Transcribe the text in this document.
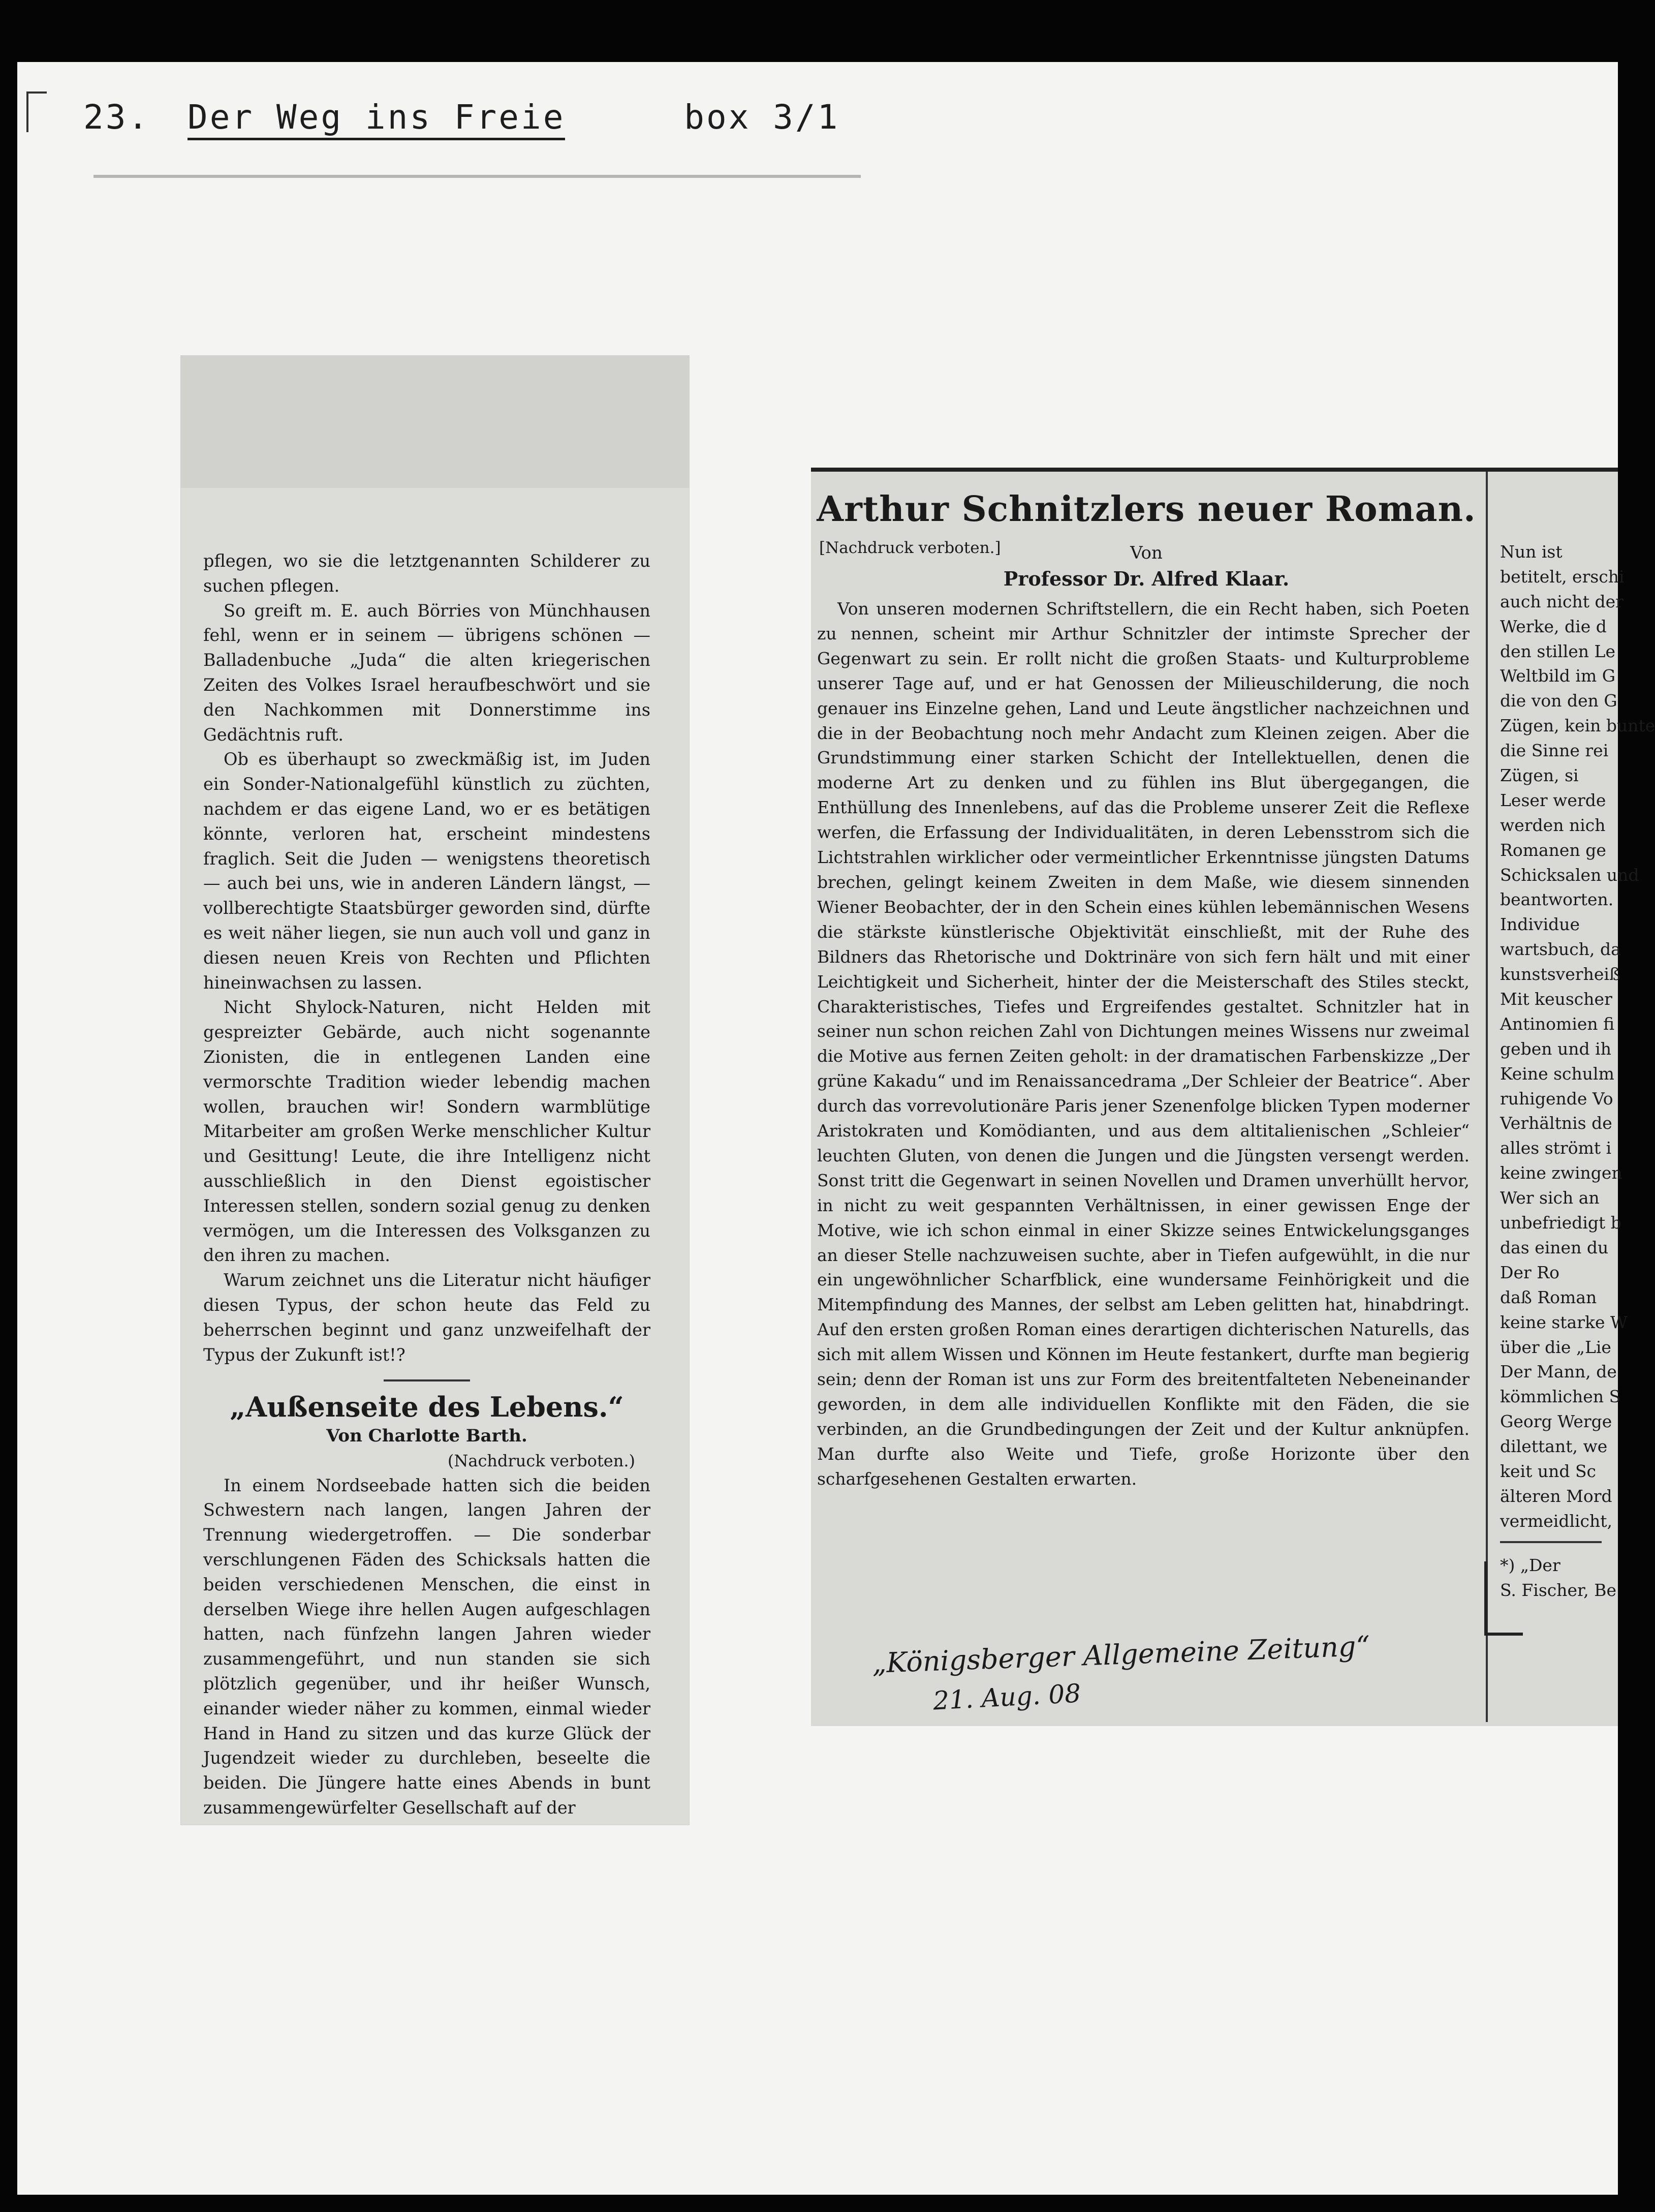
23. Der Weg ins Freie	box 3/1

pflegen, wo sie die letztgenannten Schilderer zu suchen pflegen.

So greift m. E. auch Börries von Münchhausen fehl, wenn er in seinem — übrigens schönen — Balladenbuche „Juda“ die alten kriegerischen Zeiten des Volkes Israel heraufbeschwört und sie den Nachkommen mit Donnerstimme ins Gedächtnis ruft.

Ob es überhaupt so zweckmäßig ist, im Juden ein Sonder-Nationalgefühl künstlich zu züchten, nachdem er das eigene Land, wo er es betätigen könnte, verloren hat, erscheint mindestens fraglich. Seit die Juden — wenigstens theoretisch — auch bei uns, wie in anderen Ländern längst, — vollberechtigte Staatsbürger geworden sind, dürfte es weit näher liegen, sie nun auch voll und ganz in diesen neuen Kreis von Rechten und Pflichten hineinwachsen zu lassen.

Nicht Shylock-Naturen, nicht Helden mit gespreizter Gebärde, auch nicht sogenannte Zionisten, die in entlegenen Landen eine vermorschte Tradition wieder lebendig machen wollen, brauchen wir! Sondern warmblütige Mitarbeiter am großen Werke menschlicher Kultur und Gesittung! Leute, die ihre Intelligenz nicht ausschließlich in den Dienst egoistischer Interessen stellen, sondern sozial genug zu denken vermögen, um die Interessen des Volksganzen zu den ihren zu machen.

Warum zeichnet uns die Literatur nicht häufiger diesen Typus, der schon heute das Feld zu beherrschen beginnt und ganz unzweifelhaft der Typus der Zukunft ist!?

„Außenseite des Lebens.“
Von Charlotte Barth.
(Nachdruck verboten.)

In einem Nordseebade hatten sich die beiden Schwestern nach langen, langen Jahren der Trennung wiedergetroffen. — Die sonderbar verschlungenen Fäden des Schicksals hatten die beiden verschiedenen Menschen, die einst in derselben Wiege ihre hellen Augen aufgeschlagen hatten, nach fünfzehn langen Jahren wieder zusammengeführt, und nun standen sie sich plötzlich gegenüber, und ihr heißer Wunsch, einander wieder näher zu kommen, einmal wieder Hand in Hand zu sitzen und das kurze Glück der Jugendzeit wieder zu durchleben, beseelte die beiden. Die Jüngere hatte eines Abends in bunt zusammengewürfelter Gesellschaft auf der

Arthur Schnitzlers neuer Roman.
[Nachdruck verboten.]	Von
Professor Dr. Alfred Klaar.

Von unseren modernen Schriftstellern, die ein Recht haben, sich Poeten zu nennen, scheint mir Arthur Schnitzler der intimste Sprecher der Gegenwart zu sein. Er rollt nicht die großen Staats- und Kulturprobleme unserer Tage auf, und er hat Genossen der Milieuschilderung, die noch genauer ins Einzelne gehen, Land und Leute ängstlicher nachzeichnen und die in der Beobachtung noch mehr Andacht zum Kleinen zeigen. Aber die Grundstimmung einer starken Schicht der Intellektuellen, denen die moderne Art zu denken und zu fühlen ins Blut übergegangen, die Enthüllung des Innenlebens, auf das die Probleme unserer Zeit die Reflexe werfen, die Erfassung der Individualitäten, in deren Lebensstrom sich die Lichtstrahlen wirklicher oder vermeintlicher Erkenntnisse jüngsten Datums brechen, gelingt keinem Zweiten in dem Maße, wie diesem sinnenden Wiener Beobachter, der in den Schein eines kühlen lebemännischen Wesens die stärkste künstlerische Objektivität einschließt, mit der Ruhe des Bildners das Rhetorische und Doktrinäre von sich fern hält und mit einer Leichtigkeit und Sicherheit, hinter der die Meisterschaft des Stiles steckt, Charakteristisches, Tiefes und Ergreifendes gestaltet. Schnitzler hat in seiner nun schon reichen Zahl von Dichtungen meines Wissens nur zweimal die Motive aus fernen Zeiten geholt: in der dramatischen Farbenskizze „Der grüne Kakadu“ und im Renaissancedrama „Der Schleier der Beatrice“. Aber durch das vorrevolutionäre Paris jener Szenenfolge blicken Typen moderner Aristokraten und Komödianten, und aus dem altitalienischen „Schleier“ leuchten Gluten, von denen die Jungen und die Jüngsten versengt werden. Sonst tritt die Gegenwart in seinen Novellen und Dramen unverhüllt hervor, in nicht zu weit gespannten Verhältnissen, in einer gewissen Enge der Motive, wie ich schon einmal in einer Skizze seines Entwickelungsganges an dieser Stelle nachzuweisen suchte, aber in Tiefen aufgewühlt, in die nur ein ungewöhnlicher Scharfblick, eine wundersame Feinhörigkeit und die Mitempfindung des Mannes, der selbst am Leben gelitten hat, hinabdringt. Auf den ersten großen Roman eines derartigen dichterischen Naturells, das sich mit allem Wissen und Können im Heute festankert, durfte man begierig sein; denn der Roman ist uns zur Form des breitentfalteten Nebeneinander geworden, in dem alle individuellen Konflikte mit den Fäden, die sie verbinden, an die Grundbedingungen der Zeit und der Kultur anknüpfen. Man durfte also Weite und Tiefe, große Horizonte über den scharfgesehenen Gestalten erwarten.

Nun ist
betitelt, erschi
auch nicht der
Werke, die d
den stillen Le
Weltbild im G
die von den G
Zügen, kein bunte
die Sinne rei
Zügen, si
Leser werde
werden nich
Romanen ge
Schicksalen und
beantworten.
Individue
wartsbuch, da
kunstsverheiß
Mit keuscher
Antinomien fi
geben und ih
Keine schulm
ruhigende Vo
Verhältnis de
alles strömt i
keine zwingen
Wer sich an
unbefriedigt b
das einen du
Der Ro
daß Roman
keine starke W
über die „Lie
Der Mann, de
kömmlichen S
Georg Werge
dilettant, we
keit und Sc
älteren Mord
vermeidlicht,
*) „Der
S. Fischer, Be
„Königsberger Allgemeine Zeitung“
21. Aug. 08
